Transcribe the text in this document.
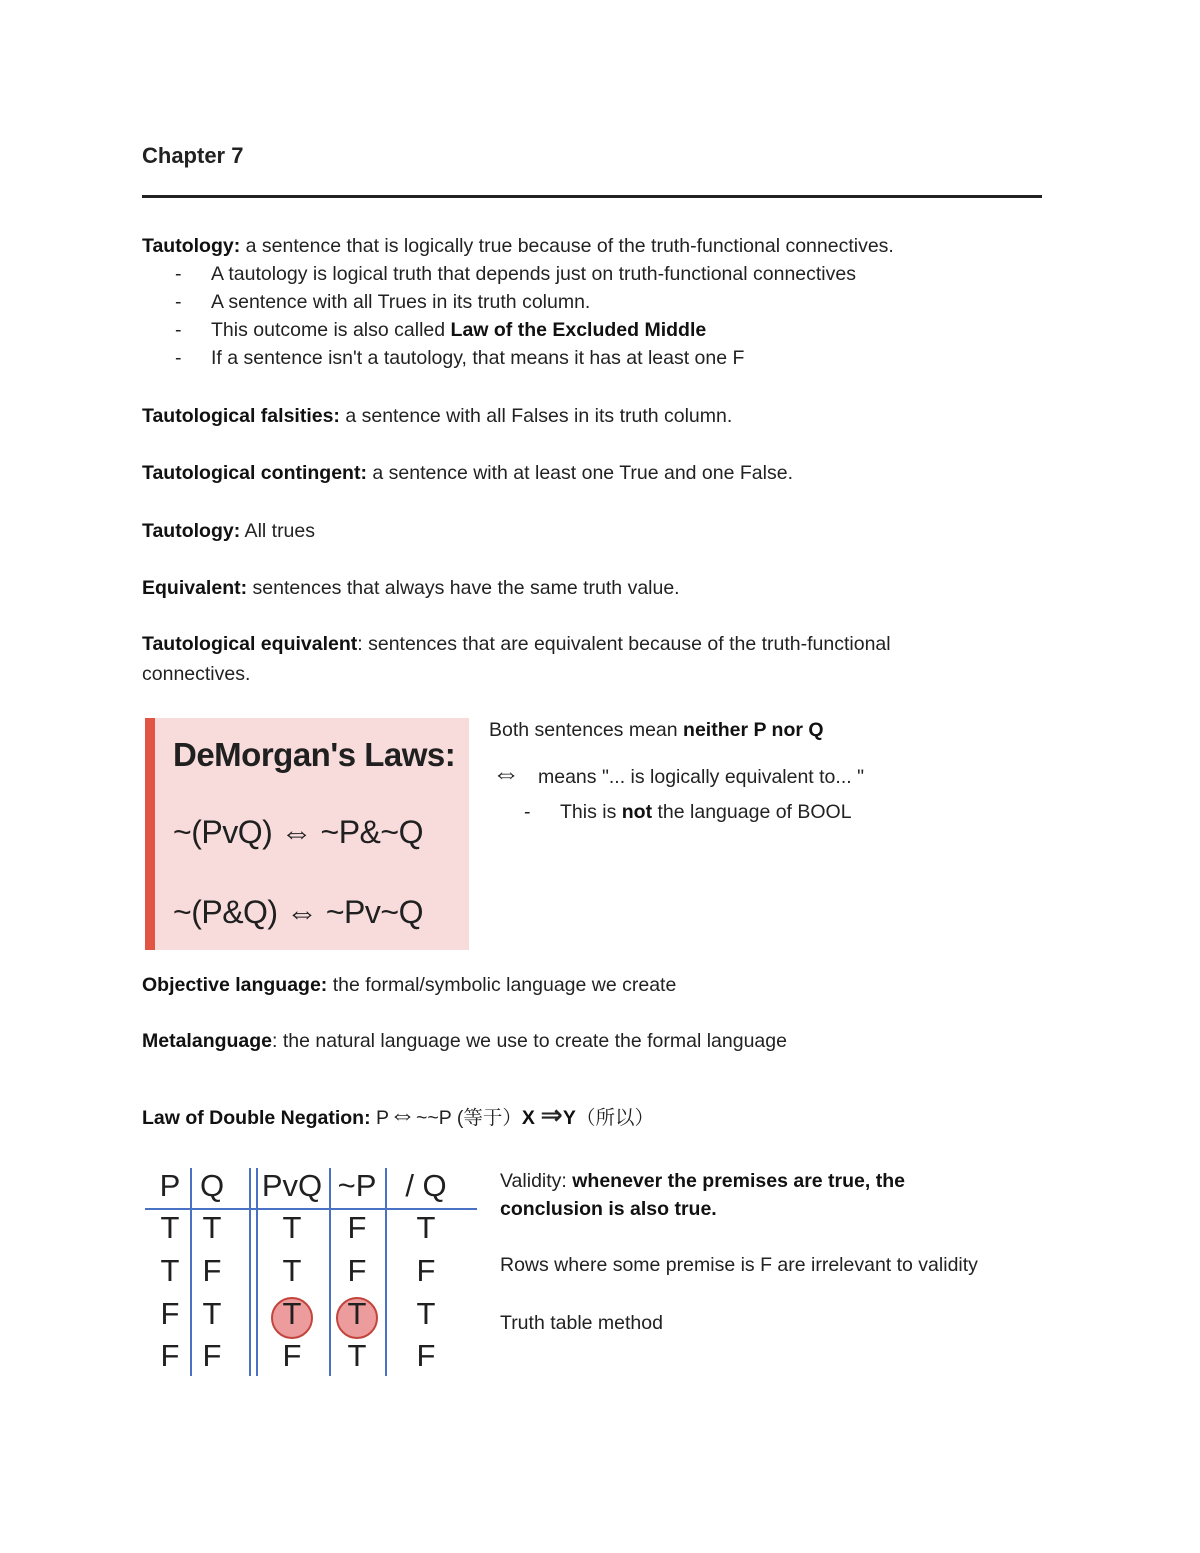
Chapter 7
Tautology: a sentence that is logically true because of the truth-functional connectives.
- A tautology is logical truth that depends just on truth-functional connectives
- A sentence with all Trues in its truth column.
- This outcome is also called Law of the Excluded Middle
- If a sentence isn't a tautology, that means it has at least one F
Tautological falsities: a sentence with all Falses in its truth column.
Tautological contingent: a sentence with at least one True and one False.
Tautology: All trues
Equivalent: sentences that always have the same truth value.
Tautological equivalent: sentences that are equivalent because of the truth-functional
connectives.
DeMorgan's Laws:
~(PvQ) ⇔ ~P&~Q
~(P&Q) ⇔ ~Pv~Q
Both sentences mean neither P nor Q
⇔ means "... is logically equivalent to... "
- This is not the language of BOOL
Objective language: the formal/symbolic language we create
Metalanguage: the natural language we use to create the formal language
Law of Double Negation: P⇔~~P (等于）X ⇒Y（所以）
P Q PvQ ~P / Q
T T T F T
T F T F F
F T T T T
F F F T F
Validity: whenever the premises are true, the
conclusion is also true.
Rows where some premise is F are irrelevant to validity
Truth table method
